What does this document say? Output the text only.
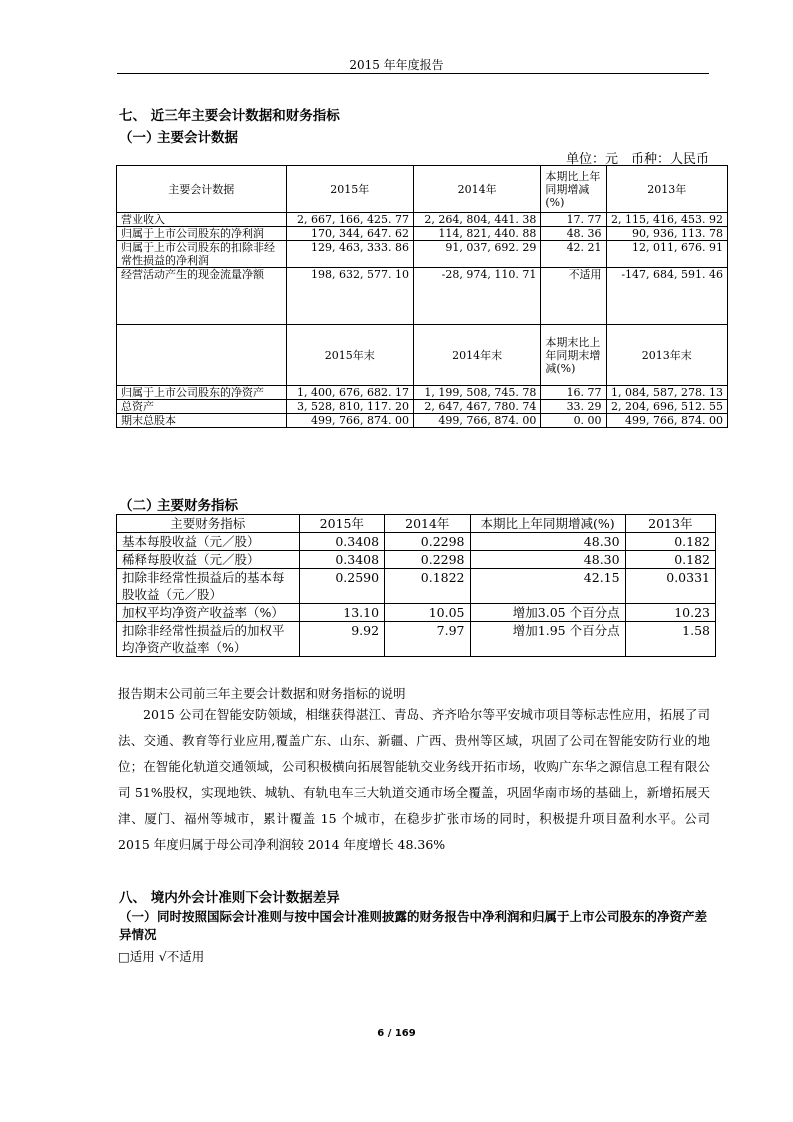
2015 年年度报告
七、 近三年主要会计数据和财务指标
（一）主要会计数据
单位：元　币种：人民币
主要会计数据	2015年	2014年	本期比上年同期增减(%)	2013年
营业收入	2, 667, 166, 425. 77	2, 264, 804, 441. 38	17. 77	2, 115, 416, 453. 92
归属于上市公司股东的净利润	170, 344, 647. 62	114, 821, 440. 88	48. 36	90, 936, 113. 78
归属于上市公司股东的扣除非经常性损益的净利润	129, 463, 333. 86	91, 037, 692. 29	42. 21	12, 011, 676. 91
经营活动产生的现金流量净额	198, 632, 577. 10	-28, 974, 110. 71	不适用	-147, 684, 591. 46
	2015年末	2014年末	本期末比上年同期末增减(%)	2013年末
归属于上市公司股东的净资产	1, 400, 676, 682. 17	1, 199, 508, 745. 78	16. 77	1, 084, 587, 278. 13
总资产	3, 528, 810, 117. 20	2, 647, 467, 780. 74	33. 29	2, 204, 696, 512. 55
期末总股本	499, 766, 874. 00	499, 766, 874. 00	0. 00	499, 766, 874. 00
（二）主要财务指标
主要财务指标	2015年	2014年	本期比上年同期增减(%)	2013年
基本每股收益（元／股）	0.3408	0.2298	48.30	0.182
稀释每股收益（元／股）	0.3408	0.2298	48.30	0.182
扣除非经常性损益后的基本每股收益（元／股）	0.2590	0.1822	42.15	0.0331
加权平均净资产收益率（%）	13.10	10.05	增加3.05 个百分点	10.23
扣除非经常性损益后的加权平均净资产收益率（%）	9.92	7.97	增加1.95 个百分点	1.58
报告期末公司前三年主要会计数据和财务指标的说明

2015 公司在智能安防领域，相继获得湛江、青岛、齐齐哈尔等平安城市项目等标志性应用，拓展了司法、交通、教育等行业应用,覆盖广东、山东、新疆、广西、贵州等区域，巩固了公司在智能安防行业的地位；在智能化轨道交通领域，公司积极横向拓展智能轨交业务线开拓市场，收购广东华之源信息工程有限公司 51%股权，实现地铁、城轨、有轨电车三大轨道交通市场全覆盖，巩固华南市场的基础上，新增拓展天津、厦门、福州等城市，累计覆盖 15 个城市，在稳步扩张市场的同时，积极提升项目盈利水平。公司 2015 年度归属于母公司净利润较 2014 年度增长 48.36%

八、 境内外会计准则下会计数据差异
（一）同时按照国际会计准则与按中国会计准则披露的财务报告中净利润和归属于上市公司股东的净资产差异情况
□适用 √不适用
6 / 169
